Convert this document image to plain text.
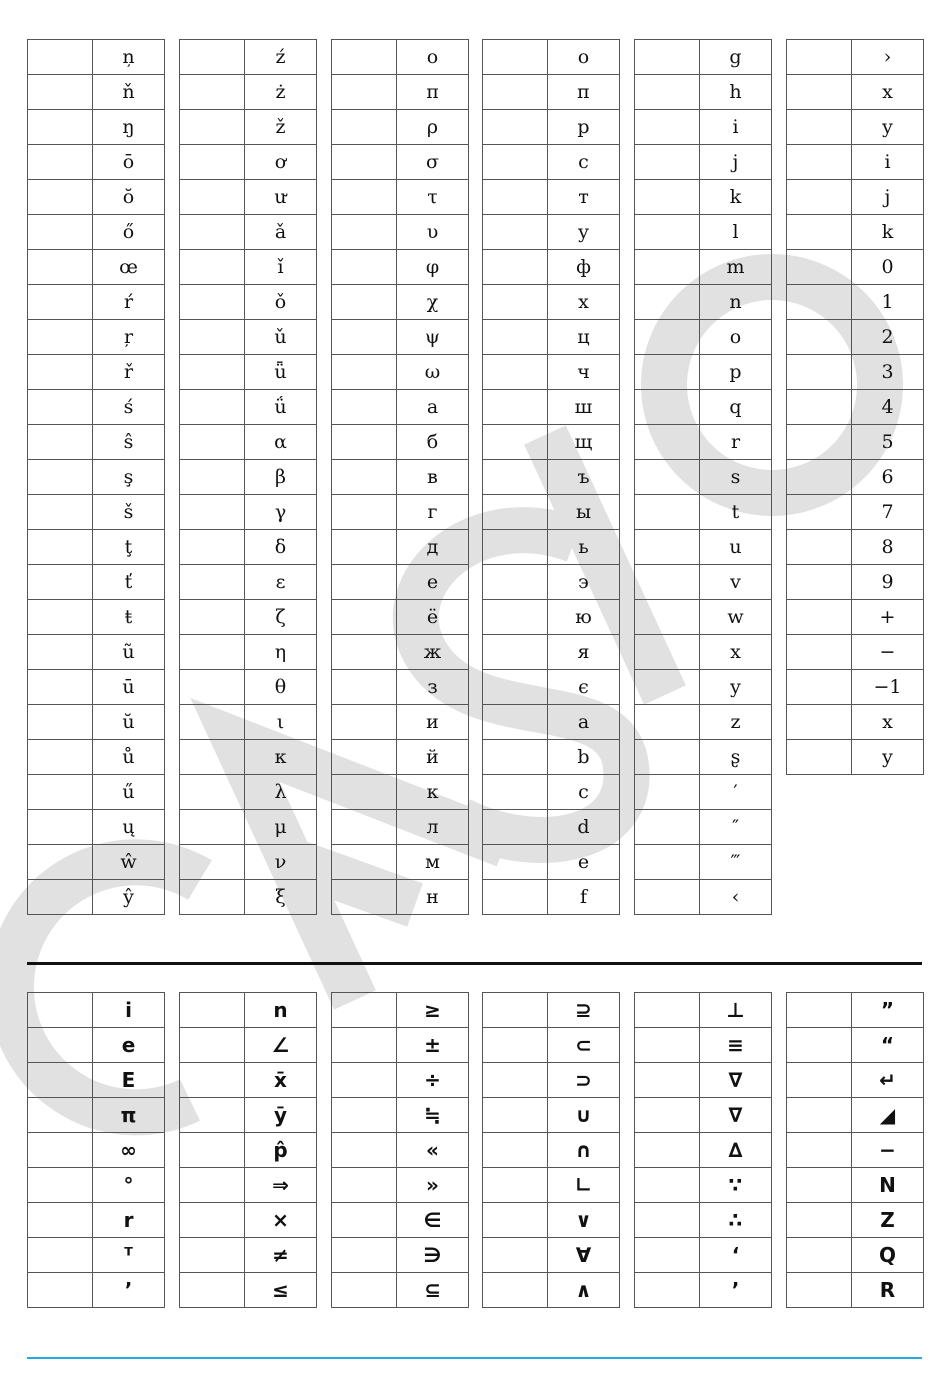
	ņ
	ň
	ŋ
	ō
	ŏ
	ő
	œ
	ŕ
	ŗ
	ř
	ś
	ŝ
	ş
	š
	ţ
	ť
	ŧ
	ũ
	ū
	ŭ
	ů
	ű
	ų
	ŵ
	ŷ
	ź
	ż
	ž
	ơ
	ư
	ǎ
	ǐ
	ǒ
	ǔ
	ǖ
	ǘ
	α
	β
	γ
	δ
	ε
	ζ
	η
	θ
	ι
	κ
	λ
	μ
	ν
	ξ
	ο
	π
	ρ
	σ
	τ
	υ
	φ
	χ
	ψ
	ω
	а
	б
	в
	г
	д
	е
	ё
	ж
	з
	и
	й
	к
	л
	м
	н
	о
	п
	р
	с
	т
	у
	ф
	х
	ц
	ч
	ш
	щ
	ъ
	ы
	ь
	э
	ю
	я
	є
	a
	b
	c
	d
	e
	f
	g
	h
	i
	j
	k
	l
	m
	n
	o
	p
	q
	r
	s
	t
	u
	v
	w
	x
	y
	z
	ʂ
	′
	″
	‴
	‹
	›
	x
	y
	i
	j
	k
	0
	1
	2
	3
	4
	5
	6
	7
	8
	9
	+
	−
	−1
	x
	y
	i
	e
	E
	π
	∞
	°
	r
	ᵀ
	’
	n
	∠
	x̄
	ȳ
	p̂
	⇒
	×
	≠
	≤
	≥
	±
	÷
	≒
	«
	»
	∈
	∋
	⊆
	⊇
	⊂
	⊃
	∪
	∩
	∟
	∨
	∀
	∧
	⊥
	≡
	∇
	∇
	∆
	∵
	∴
	‘
	’
	”
	“
	↵
	◢
	−
	N
	Z
	Q
	R
